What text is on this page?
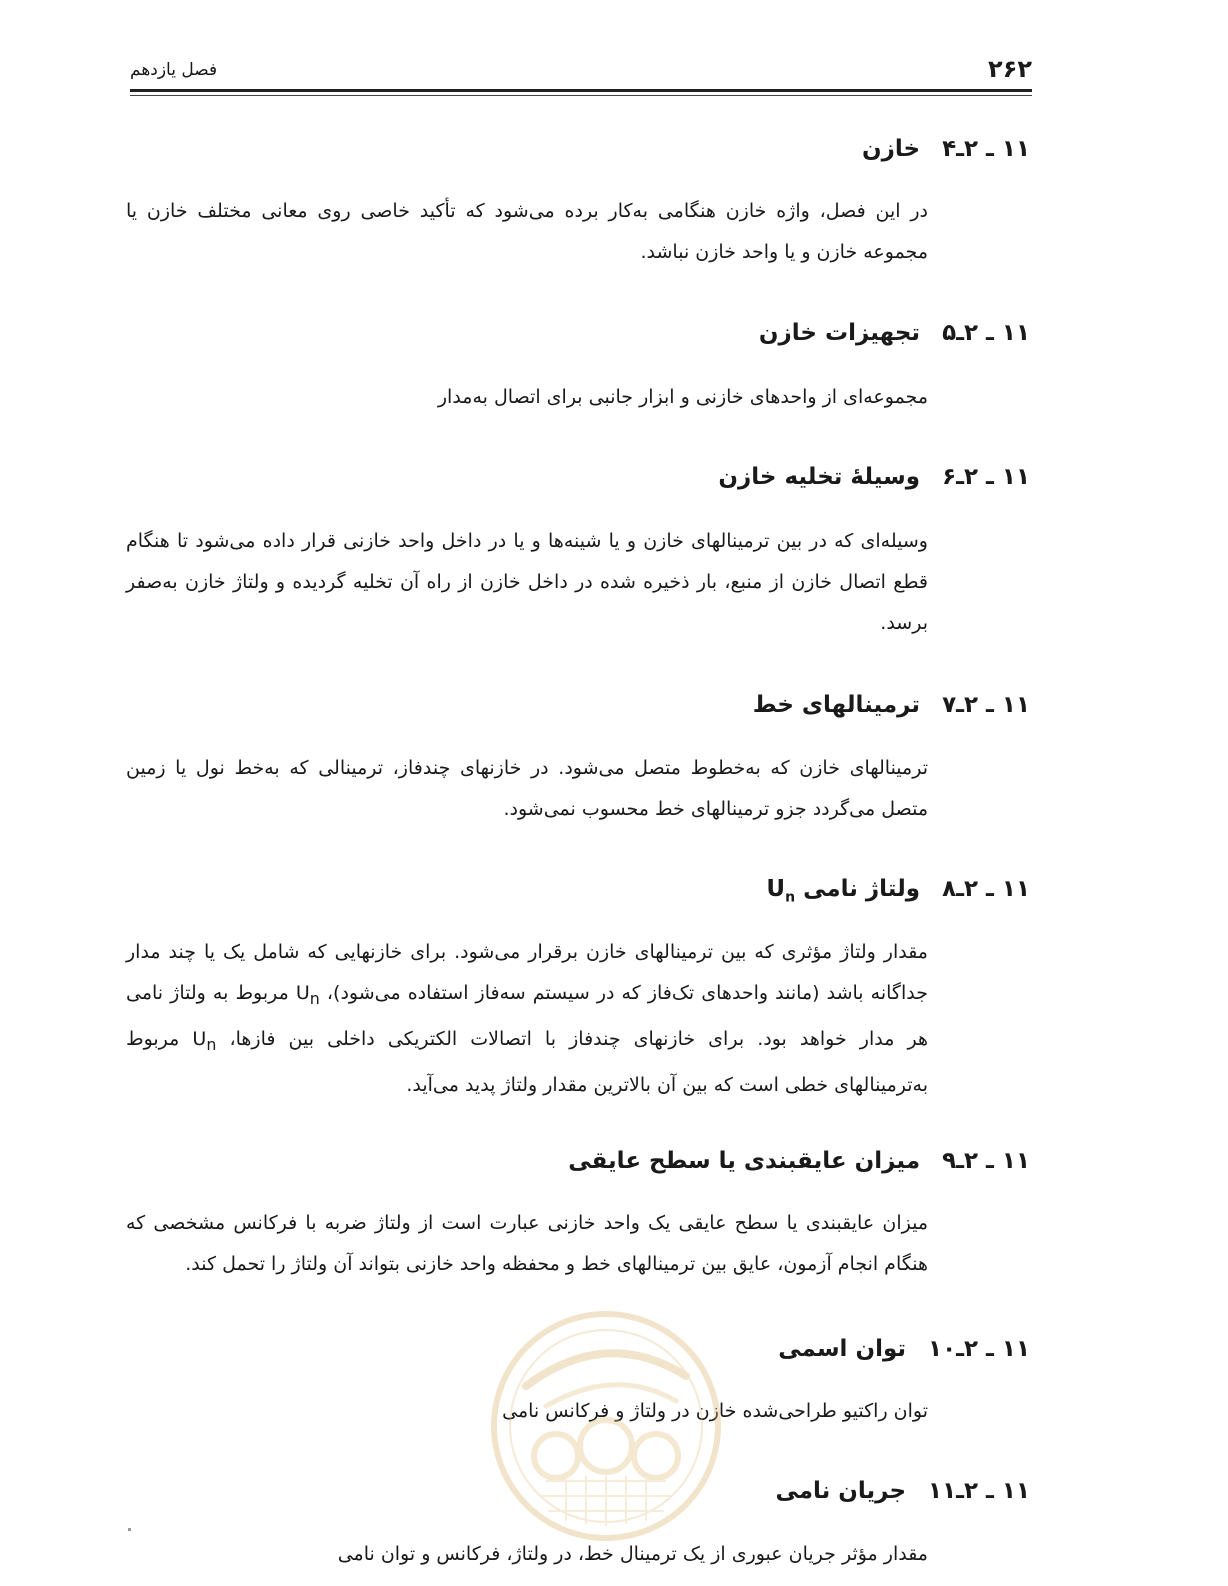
۲۶۲
فصل یازدهم
۱۱ ـ ۲ـ۴خازن

در این فصل، واژه خازن هنگامی به‌کار برده می‌شود که تأکید خاصی روی معانی مختلف خازن یا مجموعه خازن و یا واحد خازن نباشد.

۱۱ ـ ۲ـ۵تجهیزات خازن

مجموعه‌ای از واحدهای خازنی و ابزار جانبی برای اتصال به‌مدار

۱۱ ـ ۲ـ۶وسیلهٔ تخلیه خازن

وسیله‌ای که در بین ترمینالهای خازن و یا شینه‌ها و یا در داخل واحد خازنی قرار داده می‌شود تا هنگام قطع اتصال خازن از منبع، بار ذخیره شده در داخل خازن از راه آن تخلیه گردیده و ولتاژ خازن به‌صفر برسد.

۱۱ ـ ۲ـ۷ترمینالهای خط

ترمینالهای خازن که به‌خطوط متصل می‌شود. در خازنهای چندفاز، ترمینالی که به‌خط نول یا زمین متصل می‌گردد جزو ترمینالهای خط محسوب نمی‌شود.

۱۱ ـ ۲ـ۸ولتاژ نامی $U_n$

مقدار ولتاژ مؤثری که بین ترمینالهای خازن برقرار می‌شود. برای خازنهایی که شامل یک یا چند مدار جداگانه باشد (مانند واحدهای تک‌فاز که در سیستم سه‌فاز استفاده می‌شود)، $U_n$ مربوط به ولتاژ نامی هر مدار خواهد بود. برای خازنهای چندفاز با اتصالات الکتریکی داخلی بین فازها، $U_n$ مربوط به‌ترمینالهای خطی است که بین آن بالاترین مقدار ولتاژ پدید می‌آید.

۱۱ ـ ۲ـ۹میزان عایقبندی یا سطح عایقی

میزان عایقبندی یا سطح عایقی یک واحد خازنی عبارت است از ولتاژ ضربه با فرکانس مشخصی که هنگام انجام آزمون، عایق بین ترمینالهای خط و محفظه واحد خازنی بتواند آن ولتاژ را تحمل کند.

۱۱ ـ ۲ـ۱۰توان اسمی

توان راکتیو طراحی‌شده خازن در ولتاژ و فرکانس نامی

۱۱ ـ ۲ـ۱۱جریان نامی

مقدار مؤثر جریان عبوری از یک ترمینال خط، در ولتاژ، فرکانس و توان نامی
